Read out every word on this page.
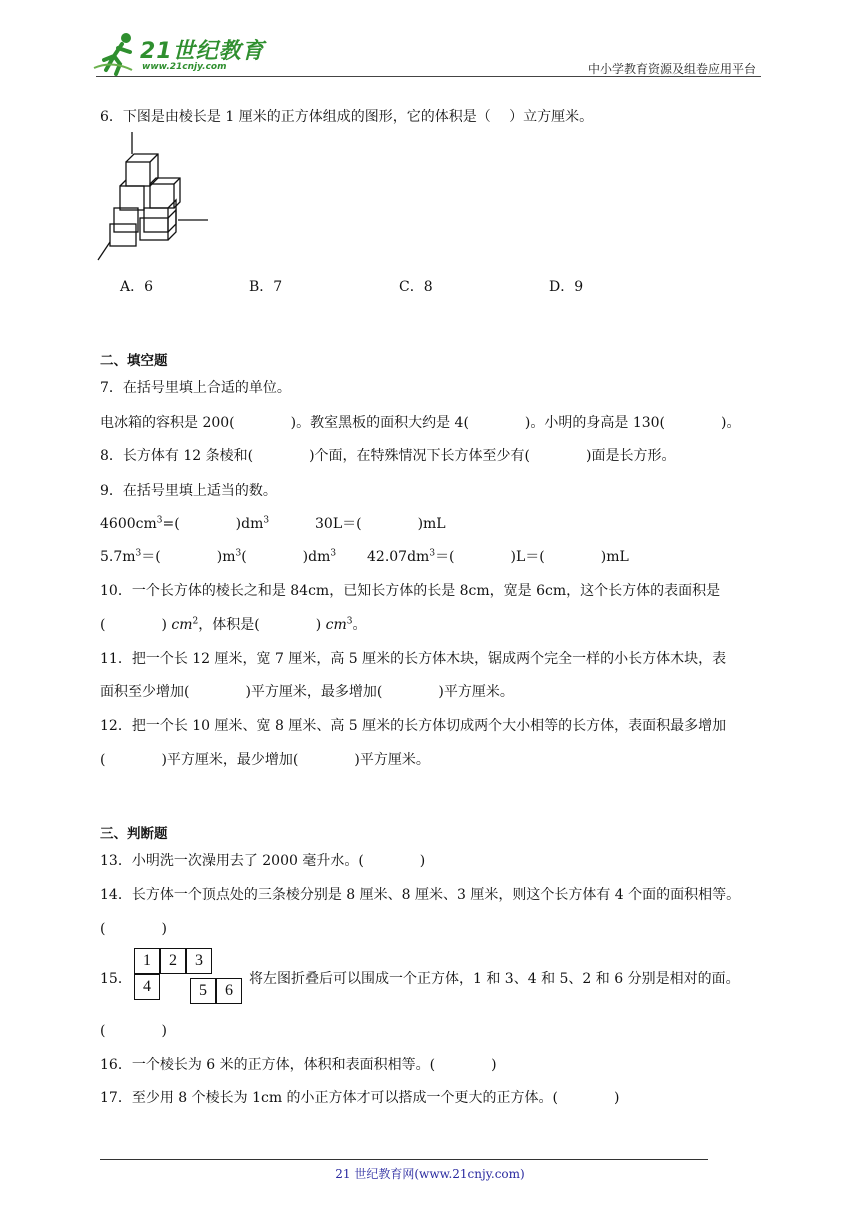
21世纪教育
www.21cnjy.com	中小学教育资源及组卷应用平台
6．下图是由棱长是 1 厘米的正方体组成的图形，它的体积是（　 ）立方厘米。
A．6	B．7	C．8	D．9
二、填空题
7．在括号里填上合适的单位。
电冰箱的容积是 200(　　　　)。教室黑板的面积大约是 4(　　　　)。小明的身高是 130(　　　　)。
8．长方体有 12 条棱和(　　　　)个面，在特殊情况下长方体至少有(　　　　)面是长方形。
9．在括号里填上适当的数。
$4600cm^3=$(　　　　)$dm^3$	30L＝(　　　　)mL
$5.7m^3=$(　　　　)$m^3$(　　　　)$dm^3$ $42.07dm^3=$(　　　　)L＝(　　　　)mL
10．一个长方体的棱长之和是 84cm，已知长方体的长是 8cm，宽是 6cm，这个长方体的表面积是
(　　　　) $cm^2$，体积是(　　　　) $cm^3$。
11．把一个长 12 厘米，宽 7 厘米，高 5 厘米的长方体木块，锯成两个完全一样的小长方体木块，表
面积至少增加(　　　　)平方厘米，最多增加(　　　　)平方厘米。
12．把一个长 10 厘米、宽 8 厘米、高 5 厘米的长方体切成两个大小相等的长方体，表面积最多增加
(　　　　)平方厘米，最少增加(　　　　)平方厘米。
三、判断题
13．小明洗一次澡用去了 2000 毫升水。(　　　　)
14．长方体一个顶点处的三条棱分别是 8 厘米、8 厘米、3 厘米，则这个长方体有 4 个面的面积相等。
(　　　　)
15．
1	2	3
4	5	6
将左图折叠后可以围成一个正方体，1 和 3、4 和 5、2 和 6 分别是相对的面。
(　　　　)
16．一个棱长为 6 米的正方体，体积和表面积相等。(　　　　)
17．至少用 8 个棱长为 1cm 的小正方体才可以搭成一个更大的正方体。(　　　　)
21 世纪教育网(www.21cnjy.com)
